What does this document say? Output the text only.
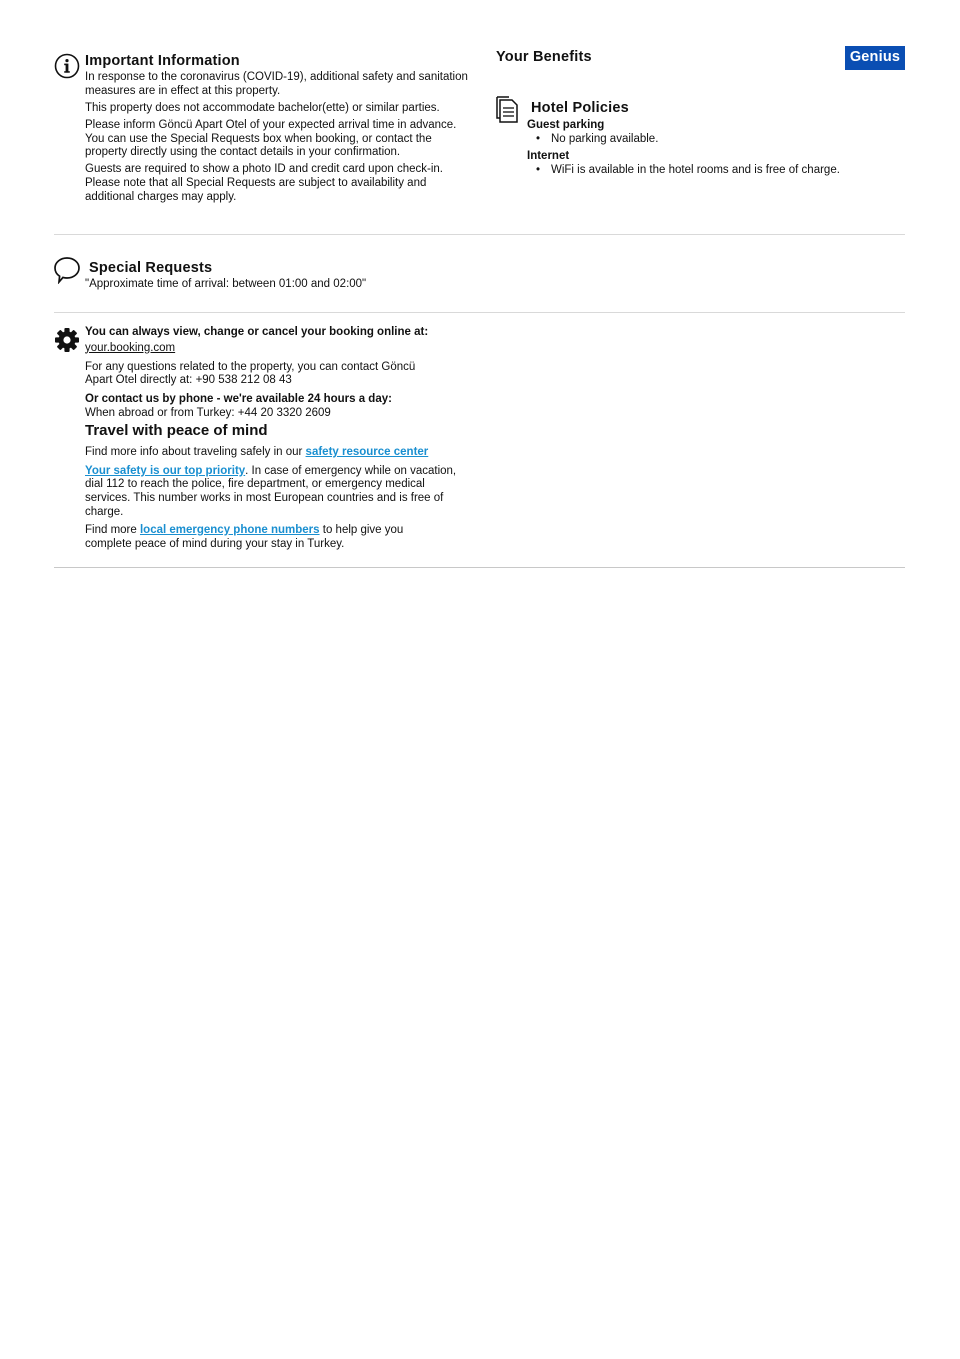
Important Information

In response to the coronavirus (COVID-19), additional safety and sanitation measures are in effect at this property.

This property does not accommodate bachelor(ette) or similar parties.

Please inform Göncü Apart Otel of your expected arrival time in advance. You can use the Special Requests box when booking, or contact the property directly using the contact details in your confirmation.

Guests are required to show a photo ID and credit card upon check-in. Please note that all Special Requests are subject to availability and additional charges may apply.

Your Benefits	Genius
Hotel Policies
Guest parking
• No parking available.
Internet
• WiFi is available in the hotel rooms and is free of charge.
Special Requests

"Approximate time of arrival: between 01:00 and 02:00"

You can always view, change or cancel your booking online at:

your.booking.com

For any questions related to the property, you can contact Göncü Apart Otel directly at: +90 538 212 08 43

Or contact us by phone - we're available 24 hours a day:

When abroad or from Turkey: +44 20 3320 2609

Travel with peace of mind

Find more info about traveling safely in our safety resource center

Your safety is our top priority. In case of emergency while on vacation, dial 112 to reach the police, fire department, or emergency medical services. This number works in most European countries and is free of charge.

Find more local emergency phone numbers to help give you complete peace of mind during your stay in Turkey.
